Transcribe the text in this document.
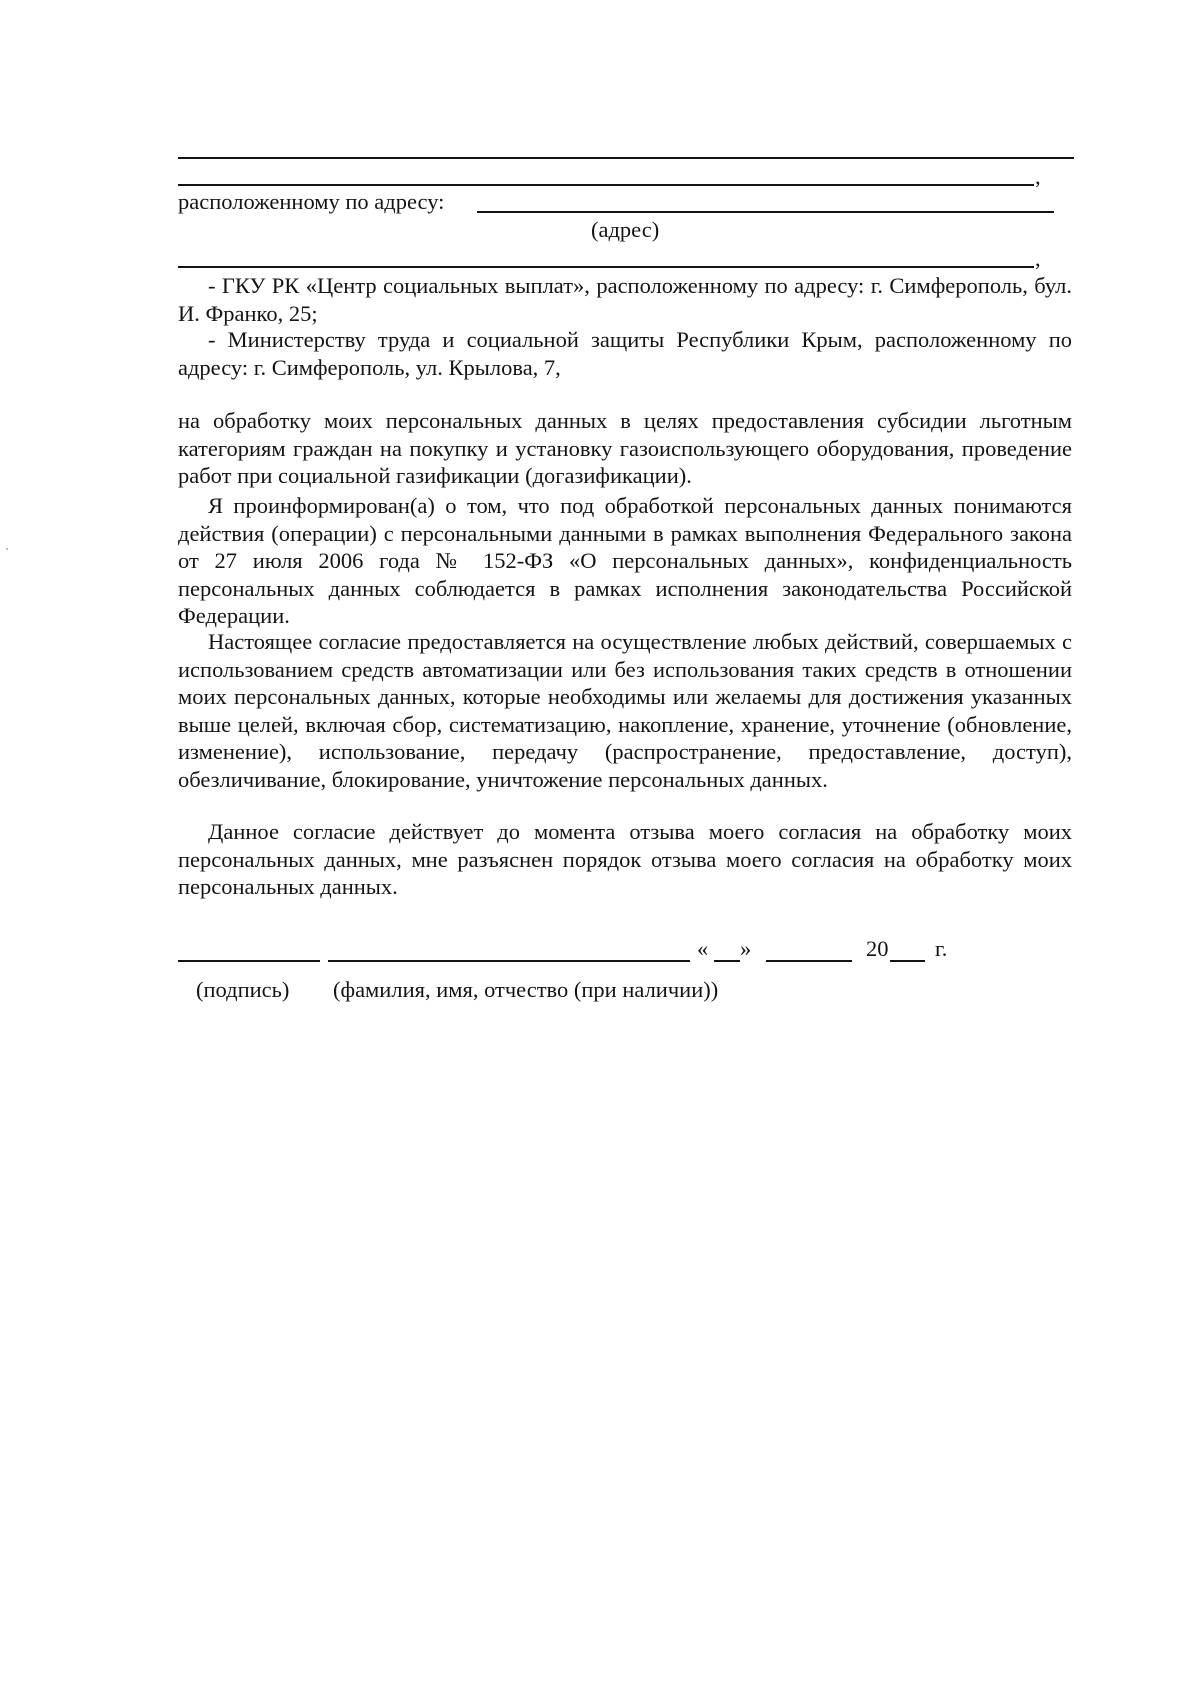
,
расположенному по адресу:
(адрес)
,

- ГКУ РК «Центр социальных выплат», расположенному по адресу: г. Симферополь, бул. И. Франко, 25;

- Министерству труда и социальной защиты Республики Крым, расположенному по адресу: г. Симферополь, ул. Крылова, 7,

на обработку моих персональных данных в целях предоставления субсидии льготным категориям граждан на покупку и установку газоиспользующего оборудования, проведение работ при социальной газификации (догазификации).

Я проинформирован(а) о том, что под обработкой персональных данных понимаются действия (операции) с персональными данными в рамках выполнения Федерального закона от 27 июля 2006 года № 152-ФЗ «О персональных данных», конфиденциальность персональных данных соблюдается в рамках исполнения законодательства Российской Федерации.

Настоящее согласие предоставляется на осуществление любых действий, совершаемых с использованием средств автоматизации или без использования таких средств в отношении моих персональных данных, которые необходимы или желаемы для достижения указанных выше целей, включая сбор, систематизацию, накопление, хранение, уточнение (обновление, изменение), использование, передачу (распространение, предоставление, доступ), обезличивание, блокирование, уничтожение персональных данных.

Данное согласие действует до момента отзыва моего согласия на обработку моих персональных данных, мне разъяснен порядок отзыва моего согласия на обработку моих персональных данных.

« »	20 г.
(подпись) (фамилия, имя, отчество (при наличии))
